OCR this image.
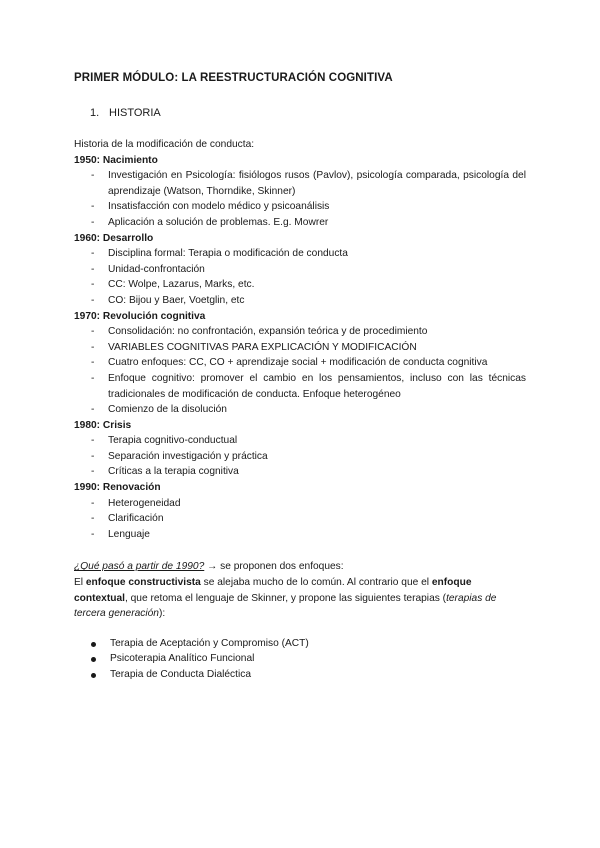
PRIMER MÓDULO: LA REESTRUCTURACIÓN COGNITIVA
1. HISTORIA

Historia de la modificación de conducta:

1950: Nacimiento

- Investigación en Psicología: fisiólogos rusos (Pavlov), psicología comparada, psicología del aprendizaje (Watson, Thorndike, Skinner)
- Insatisfacción con modelo médico y psicoanálisis
- Aplicación a solución de problemas. E.g. Mowrer

1960: Desarrollo

- Disciplina formal: Terapia o modificación de conducta
- Unidad-confrontación
- CC: Wolpe, Lazarus, Marks, etc.
- CO: Bijou y Baer, Voetglin, etc

1970: Revolución cognitiva

- Consolidación: no confrontación, expansión teórica y de procedimiento
- VARIABLES COGNITIVAS PARA EXPLICACIÓN Y MODIFICACIÓN
- Cuatro enfoques: CC, CO + aprendizaje social + modificación de conducta cognitiva
- Enfoque cognitivo: promover el cambio en los pensamientos, incluso con las técnicas tradicionales de modificación de conducta. Enfoque heterogéneo
- Comienzo de la disolución

1980: Crisis

- Terapia cognitivo-conductual
- Separación investigación y práctica
- Críticas a la terapia cognitiva

1990: Renovación

- Heterogeneidad
- Clarificación
- Lenguaje

¿Qué pasó a partir de 1990? → se proponen dos enfoques:

El enfoque constructivista se alejaba mucho de lo común. Al contrario que el enfoque contextual, que retoma el lenguaje de Skinner, y propone las siguientes terapias (terapias de tercera generación):

Terapia de Aceptación y Compromiso (ACT)
Psicoterapia Analítico Funcional
Terapia de Conducta Dialéctica
